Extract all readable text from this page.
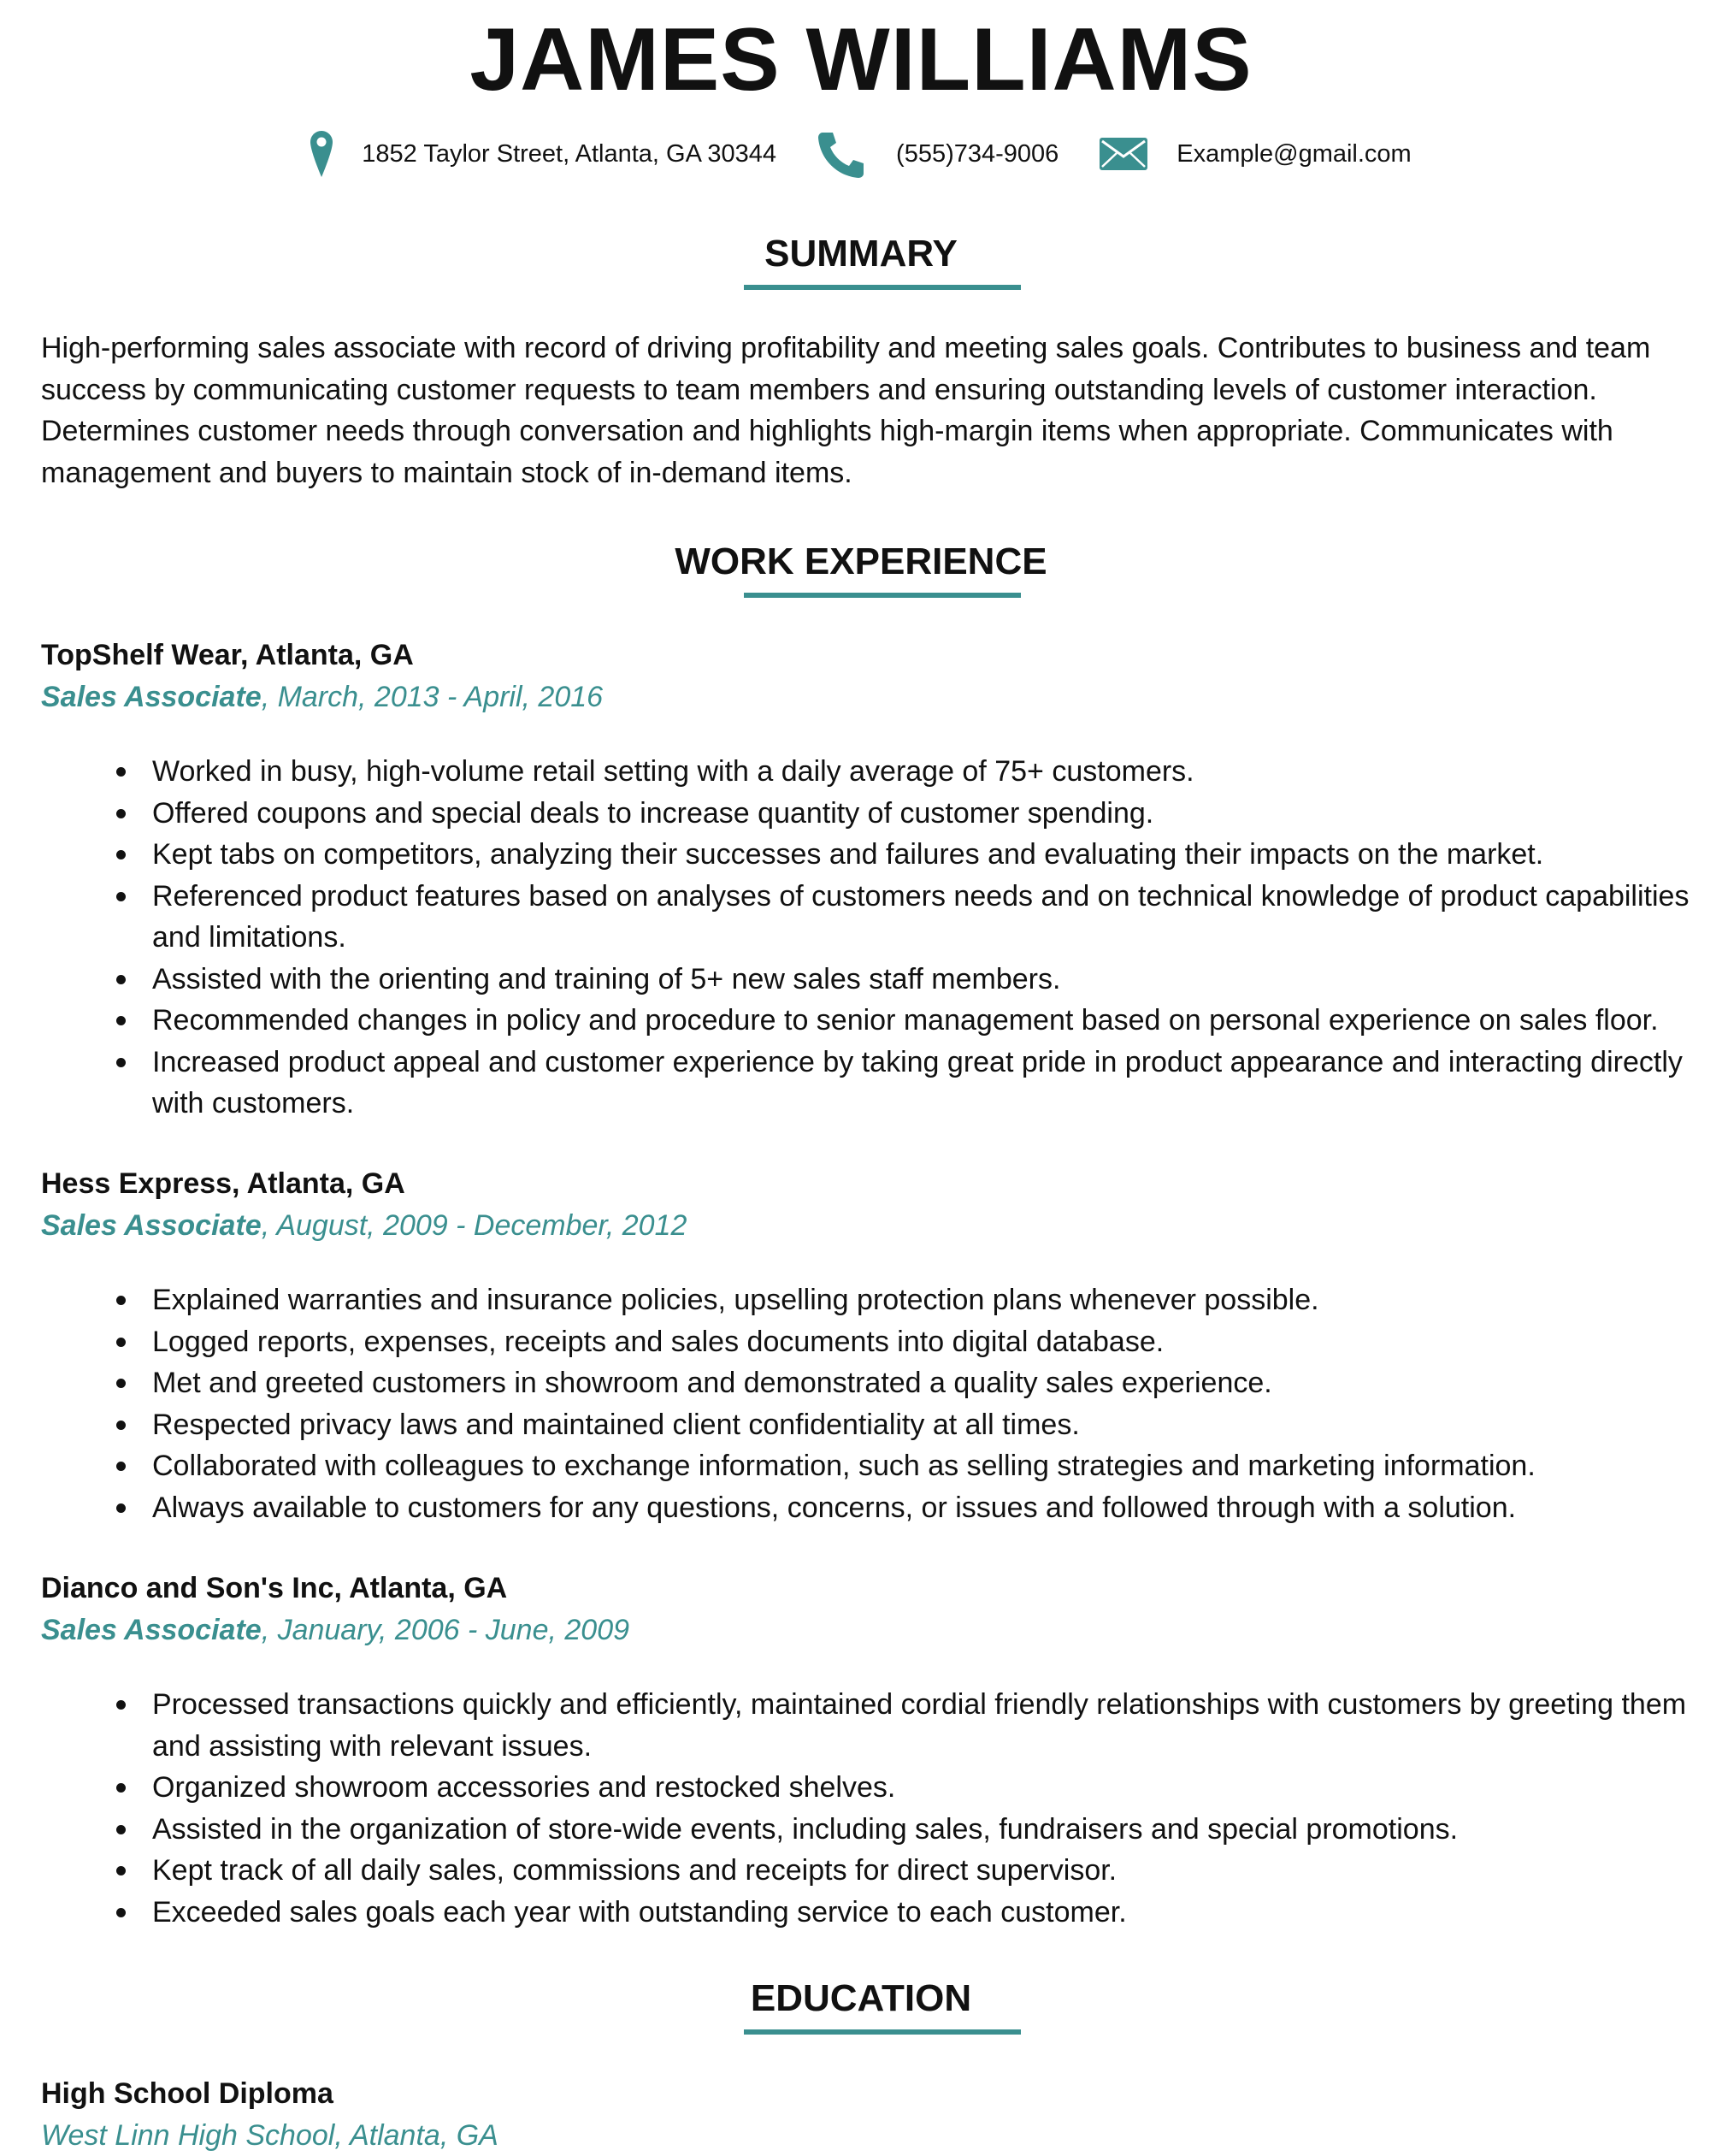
JAMES WILLIAMS
1852 Taylor Street, Atlanta, GA 30344	(555)734-9006	Example@gmail.com
SUMMARY

High-performing sales associate with record of driving profitability and meeting sales goals. Contributes to business and team success by communicating customer requests to team members and ensuring outstanding levels of customer interaction. Determines customer needs through conversation and highlights high-margin items when appropriate. Communicates with management and buyers to maintain stock of in-demand items.

WORK EXPERIENCE
TopShelf Wear, Atlanta, GA
Sales Associate, March, 2013 - April, 2016
Worked in busy, high-volume retail setting with a daily average of 75+ customers.
Offered coupons and special deals to increase quantity of customer spending.
Kept tabs on competitors, analyzing their successes and failures and evaluating their impacts on the market.
Referenced product features based on analyses of customers needs and on technical knowledge of product capabilities and limitations.
Assisted with the orienting and training of 5+ new sales staff members.
Recommended changes in policy and procedure to senior management based on personal experience on sales floor.
Increased product appeal and customer experience by taking great pride in product appearance and interacting directly with customers.
Hess Express, Atlanta, GA
Sales Associate, August, 2009 - December, 2012
Explained warranties and insurance policies, upselling protection plans whenever possible.
Logged reports, expenses, receipts and sales documents into digital database.
Met and greeted customers in showroom and demonstrated a quality sales experience.
Respected privacy laws and maintained client confidentiality at all times.
Collaborated with colleagues to exchange information, such as selling strategies and marketing information.
Always available to customers for any questions, concerns, or issues and followed through with a solution.
Dianco and Son's Inc, Atlanta, GA
Sales Associate, January, 2006 - June, 2009
Processed transactions quickly and efficiently, maintained cordial friendly relationships with customers by greeting them and assisting with relevant issues.
Organized showroom accessories and restocked shelves.
Assisted in the organization of store-wide events, including sales, fundraisers and special promotions.
Kept track of all daily sales, commissions and receipts for direct supervisor.
Exceeded sales goals each year with outstanding service to each customer.
EDUCATION
High School Diploma
West Linn High School, Atlanta, GA
